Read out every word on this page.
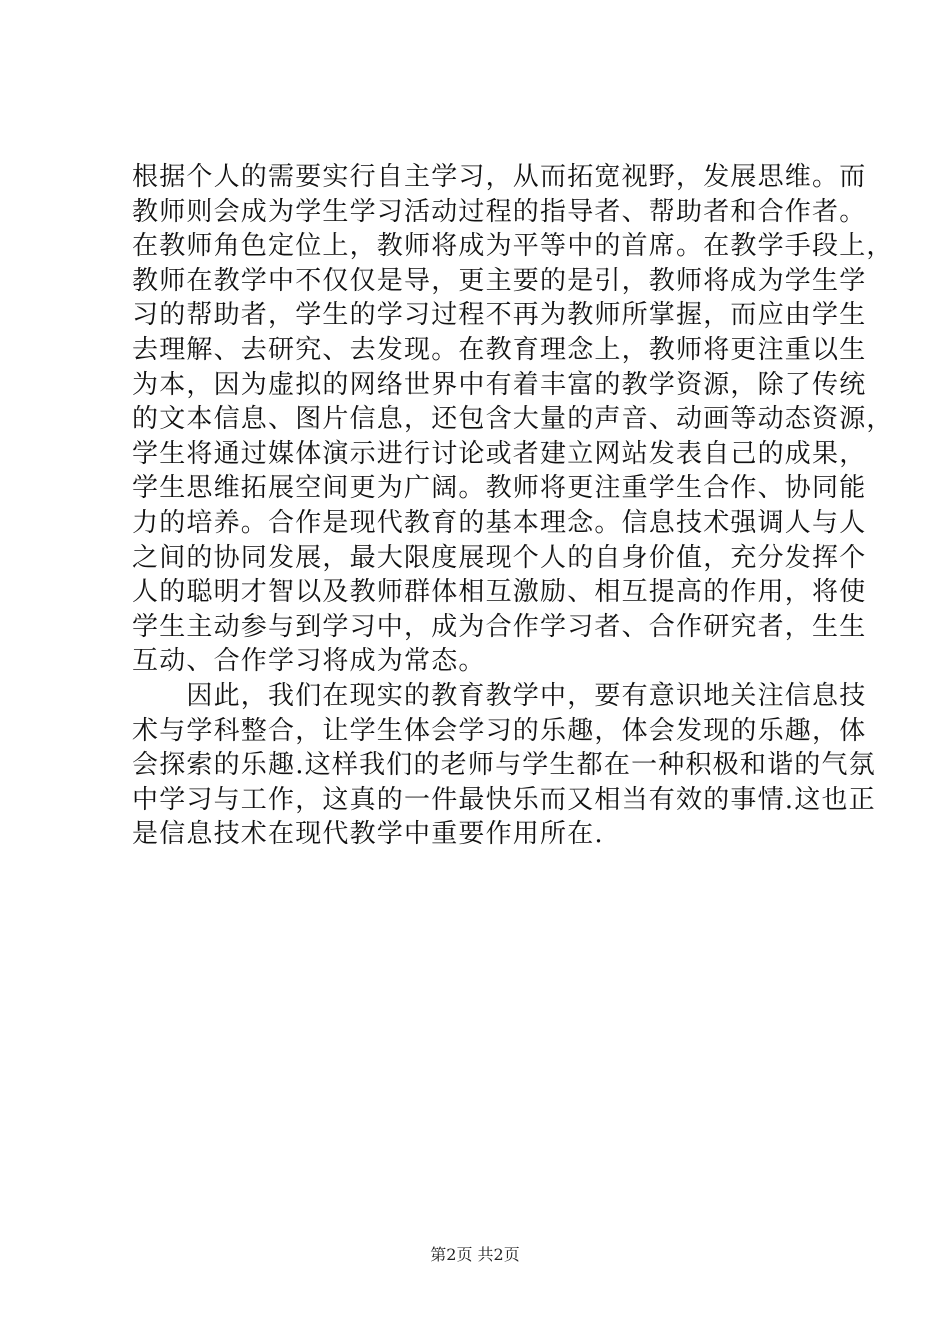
根据个人的需要实行自主学习，从而拓宽视野，发展思维。而
教师则会成为学生学习活动过程的指导者、帮助者和合作者。
在教师角色定位上，教师将成为平等中的首席。在教学手段上，
教师在教学中不仅仅是导，更主要的是引，教师将成为学生学
习的帮助者，学生的学习过程不再为教师所掌握，而应由学生
去理解、去研究、去发现。在教育理念上，教师将更注重以生
为本，因为虚拟的网络世界中有着丰富的教学资源，除了传统
的文本信息、图片信息，还包含大量的声音、动画等动态资源，
学生将通过媒体演示进行讨论或者建立网站发表自己的成果，
学生思维拓展空间更为广阔。教师将更注重学生合作、协同能
力的培养。合作是现代教育的基本理念。信息技术强调人与人
之间的协同发展，最大限度展现个人的自身价值，充分发挥个
人的聪明才智以及教师群体相互激励、相互提高的作用，将使
学生主动参与到学习中，成为合作学习者、合作研究者，生生
互动、合作学习将成为常态。
　　因此，我们在现实的教育教学中，要有意识地关注信息技
术与学科整合，让学生体会学习的乐趣，体会发现的乐趣，体
会探索的乐趣.这样我们的老师与学生都在一种积极和谐的气氛
中学习与工作，这真的一件最快乐而又相当有效的事情.这也正
是信息技术在现代教学中重要作用所在.
第2页 共2页
